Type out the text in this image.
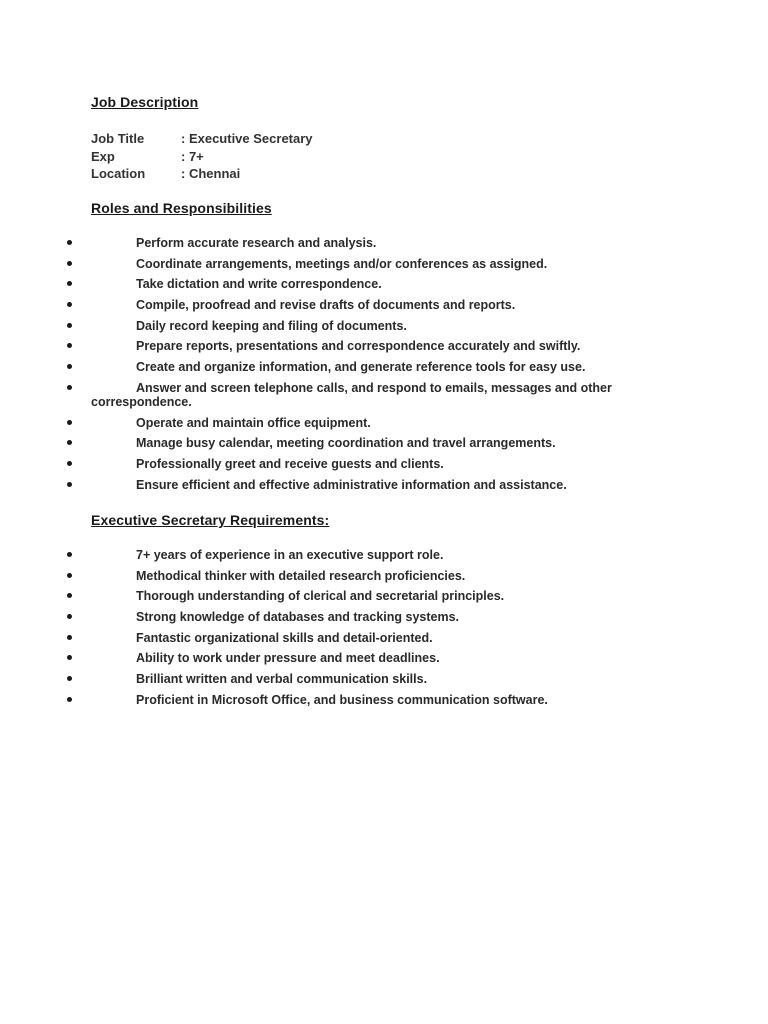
Job Description
Job Title	: Executive Secretary
Exp	: 7+
Location	: Chennai
Roles and Responsibilities
Perform accurate research and analysis.
Coordinate arrangements, meetings and/or conferences as assigned.
Take dictation and write correspondence.
Compile, proofread and revise drafts of documents and reports.
Daily record keeping and filing of documents.
Prepare reports, presentations and correspondence accurately and swiftly.
Create and organize information, and generate reference tools for easy use.
Answer and screen telephone calls, and respond to emails, messages and other
correspondence.
Operate and maintain office equipment.
Manage busy calendar, meeting coordination and travel arrangements.
Professionally greet and receive guests and clients.
Ensure efficient and effective administrative information and assistance.
Executive Secretary Requirements:
7+ years of experience in an executive support role.
Methodical thinker with detailed research proficiencies.
Thorough understanding of clerical and secretarial principles.
Strong knowledge of databases and tracking systems.
Fantastic organizational skills and detail-oriented.
Ability to work under pressure and meet deadlines.
Brilliant written and verbal communication skills.
Proficient in Microsoft Office, and business communication software.
